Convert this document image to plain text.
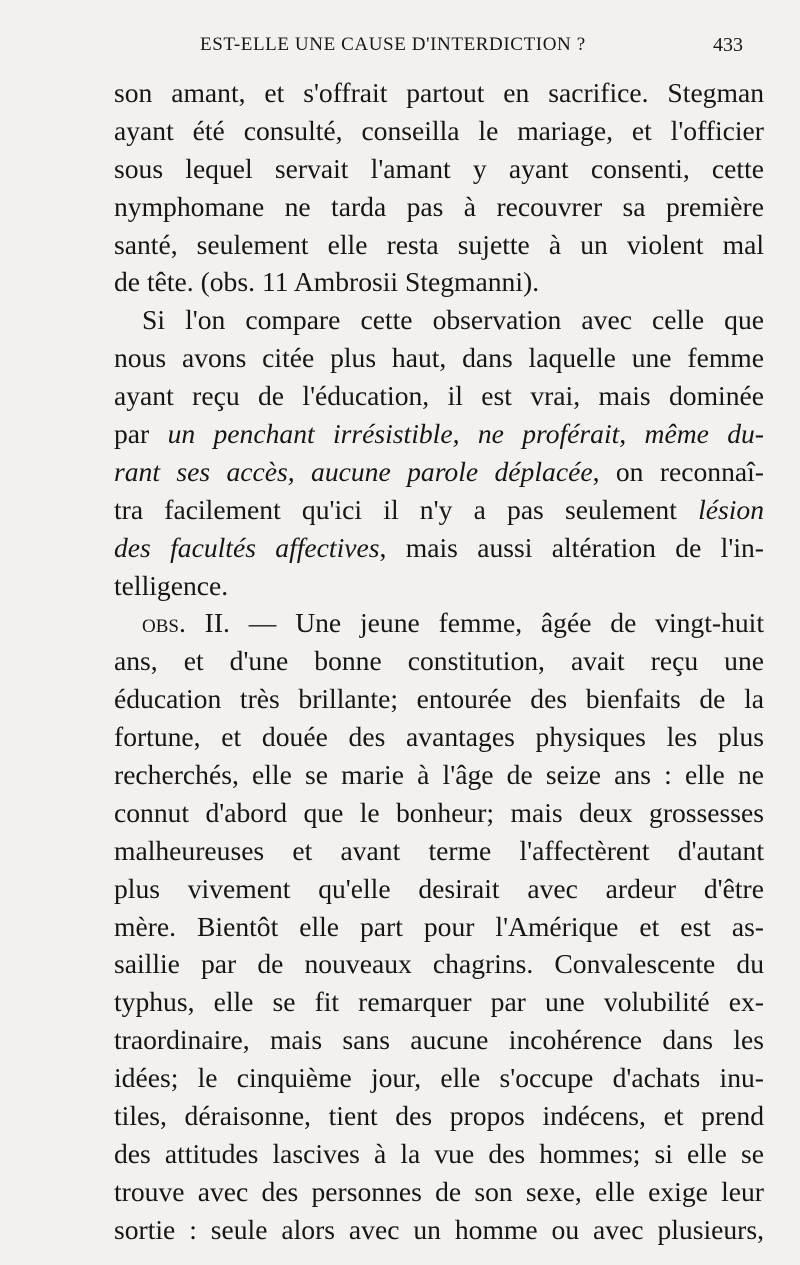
EST-ELLE UNE CAUSE D'INTERDICTION ?	433
son amant, et s'offrait partout en sacrifice. Stegman
ayant été consulté, conseilla le mariage, et l'officier
sous lequel servait l'amant y ayant consenti, cette
nymphomane ne tarda pas à recouvrer sa première
santé, seulement elle resta sujette à un violent mal
de tête. (obs. 11 Ambrosii Stegmanni).
Si l'on compare cette observation avec celle que
nous avons citée plus haut, dans laquelle une femme
ayant reçu de l'éducation, il est vrai, mais dominée
par un penchant irrésistible, ne proférait, même du-
rant ses accès, aucune parole déplacée, on reconnaî-
tra facilement qu'ici il n'y a pas seulement lésion
des facultés affectives, mais aussi altération de l'in-
telligence.
obs. II. — Une jeune femme, âgée de vingt-huit
ans, et d'une bonne constitution, avait reçu une
éducation très brillante; entourée des bienfaits de la
fortune, et douée des avantages physiques les plus
recherchés, elle se marie à l'âge de seize ans : elle ne
connut d'abord que le bonheur; mais deux grossesses
malheureuses et avant terme l'affectèrent d'autant
plus vivement qu'elle desirait avec ardeur d'être
mère. Bientôt elle part pour l'Amérique et est as-
saillie par de nouveaux chagrins. Convalescente du
typhus, elle se fit remarquer par une volubilité ex-
traordinaire, mais sans aucune incohérence dans les
idées; le cinquième jour, elle s'occupe d'achats inu-
tiles, déraisonne, tient des propos indécens, et prend
des attitudes lascives à la vue des hommes; si elle se
trouve avec des personnes de son sexe, elle exige leur
sortie : seule alors avec un homme ou avec plusieurs,
